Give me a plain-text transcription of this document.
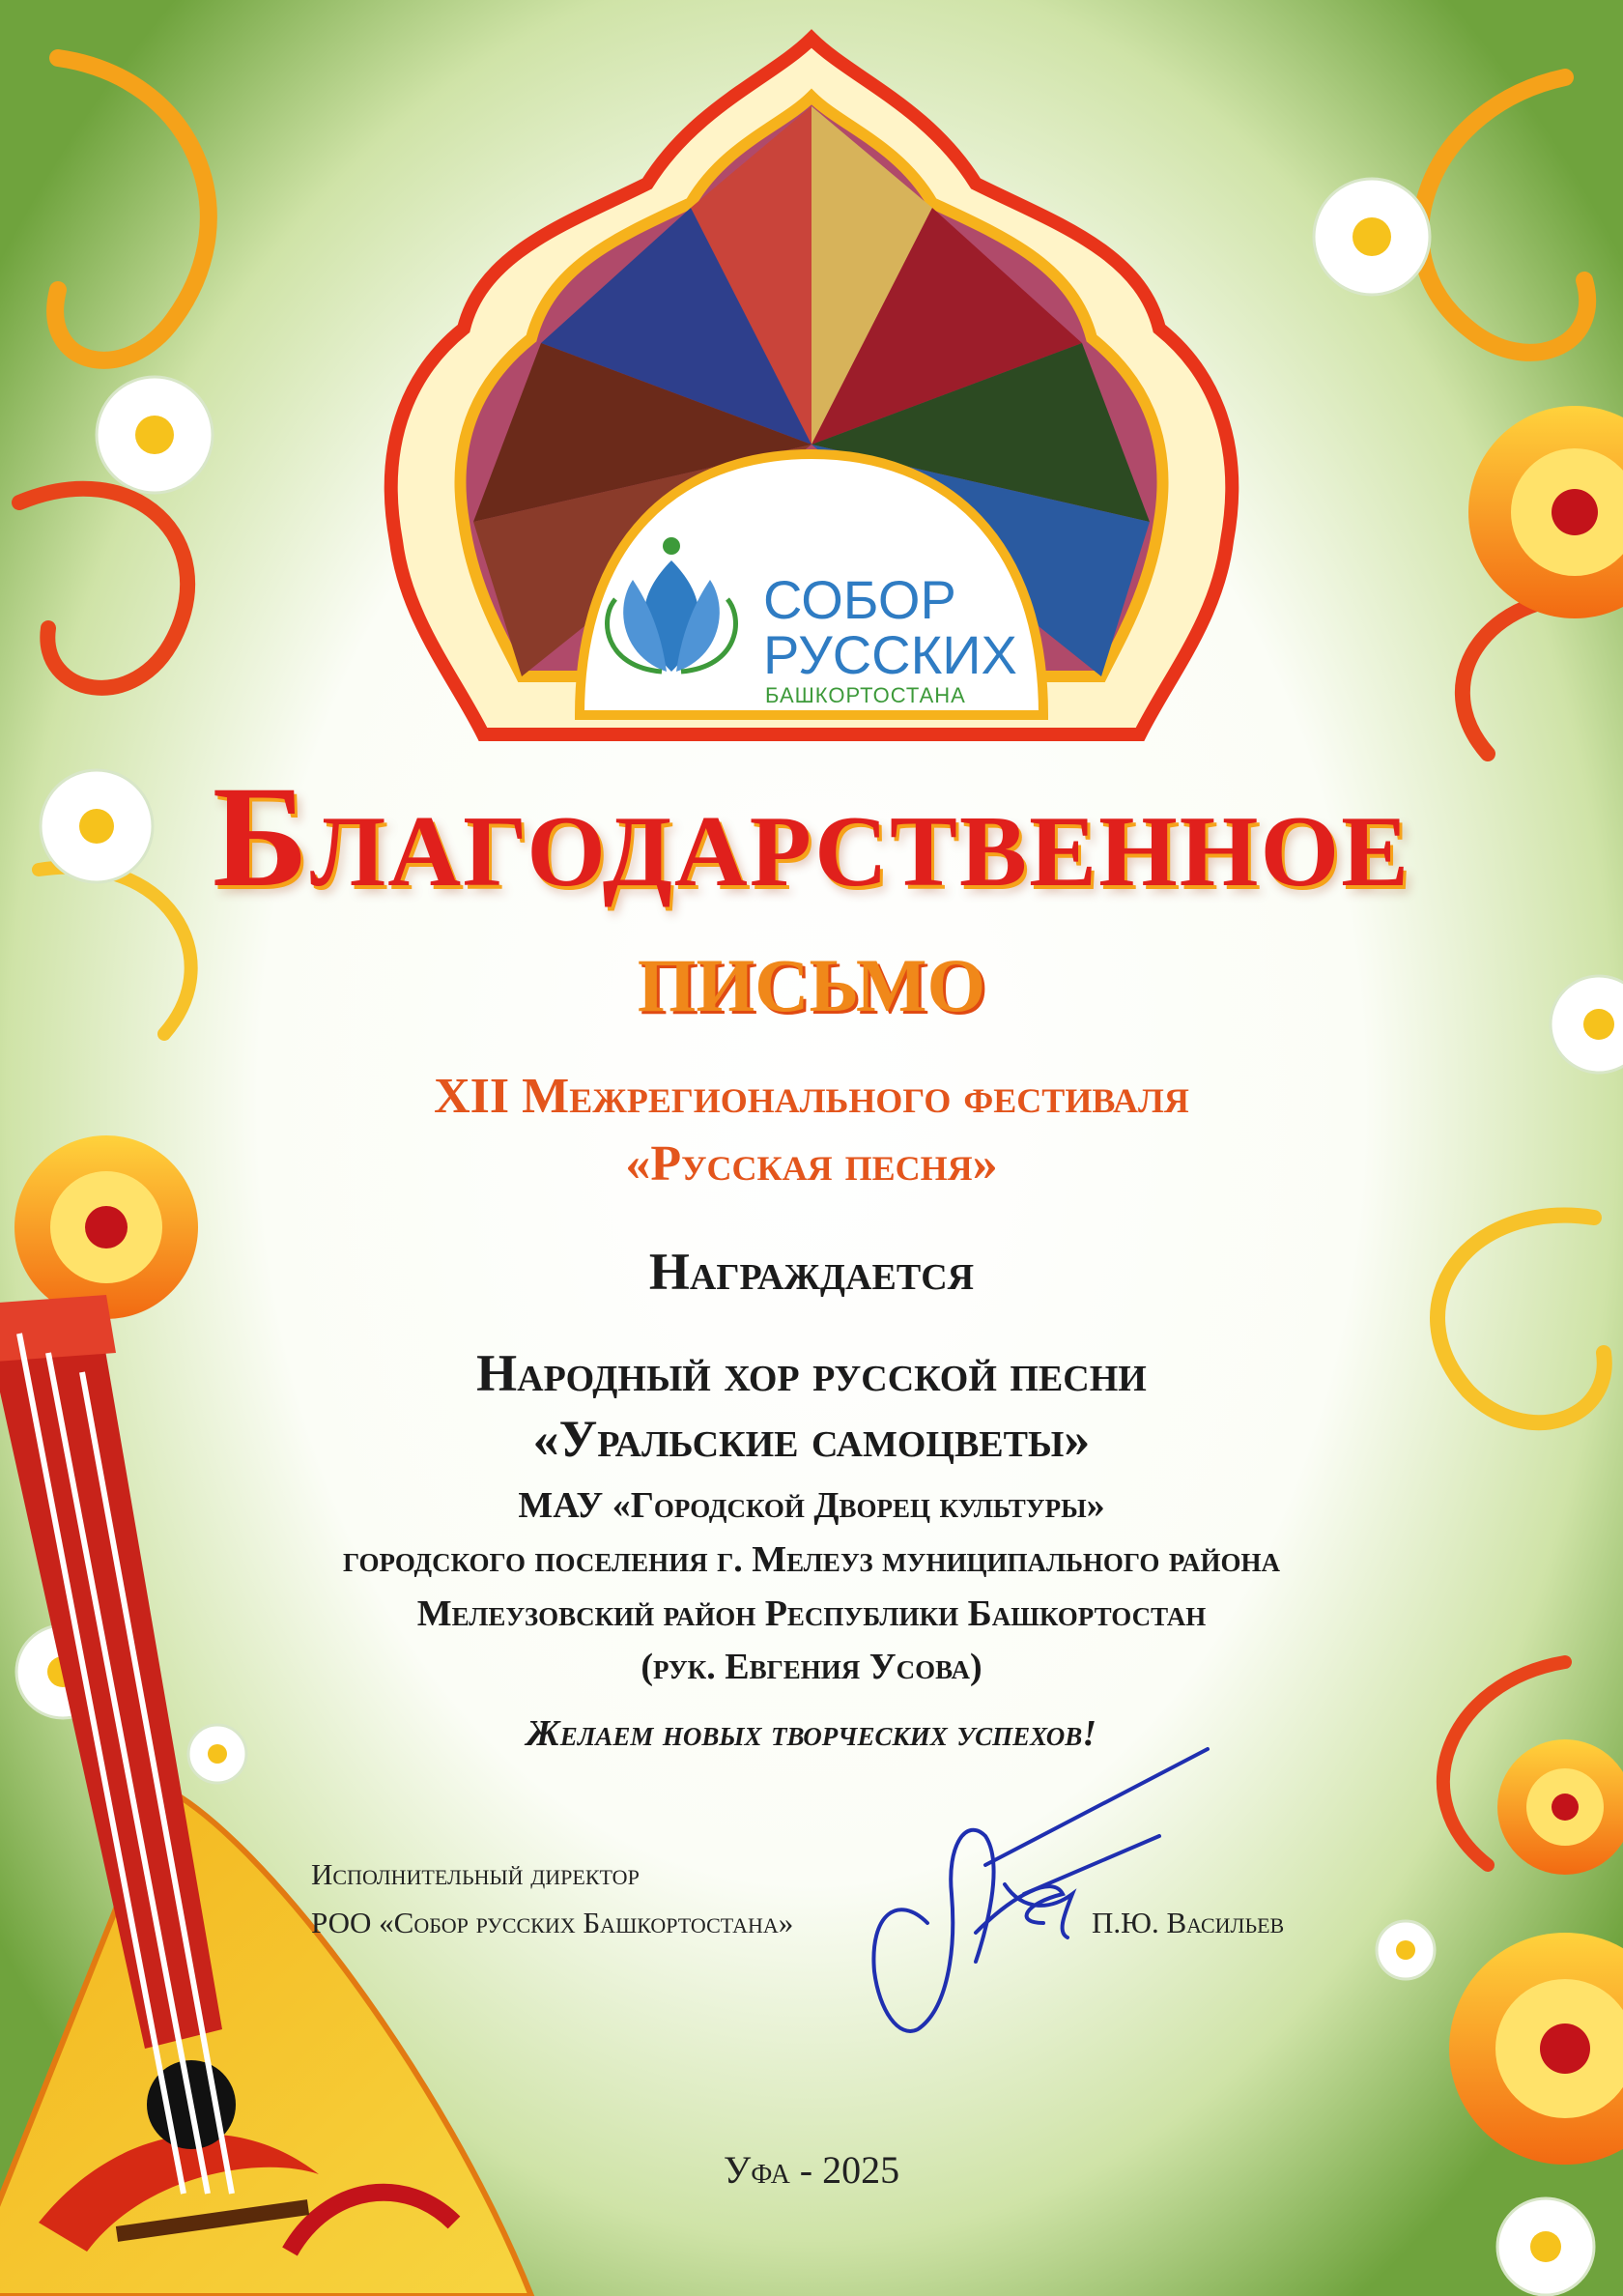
СОБОР
РУССКИХ
БАШКОРТОСТАНА
Благодарственное
письмо
XII Межрегионального фестиваля
«Русская песня»
Награждается
Народный хор русской песни
«Уральские самоцветы»
МАУ «Городской Дворец культуры»
городского поселения г. Мелеуз муниципального района
Мелеузовский район Республики Башкортостан
(рук. Евгения Усова)
Желаем новых творческих успехов!
Исполнительный директор
РОО «Собор русских Башкортостана»	П.Ю. Васильев
Уфа - 2025
